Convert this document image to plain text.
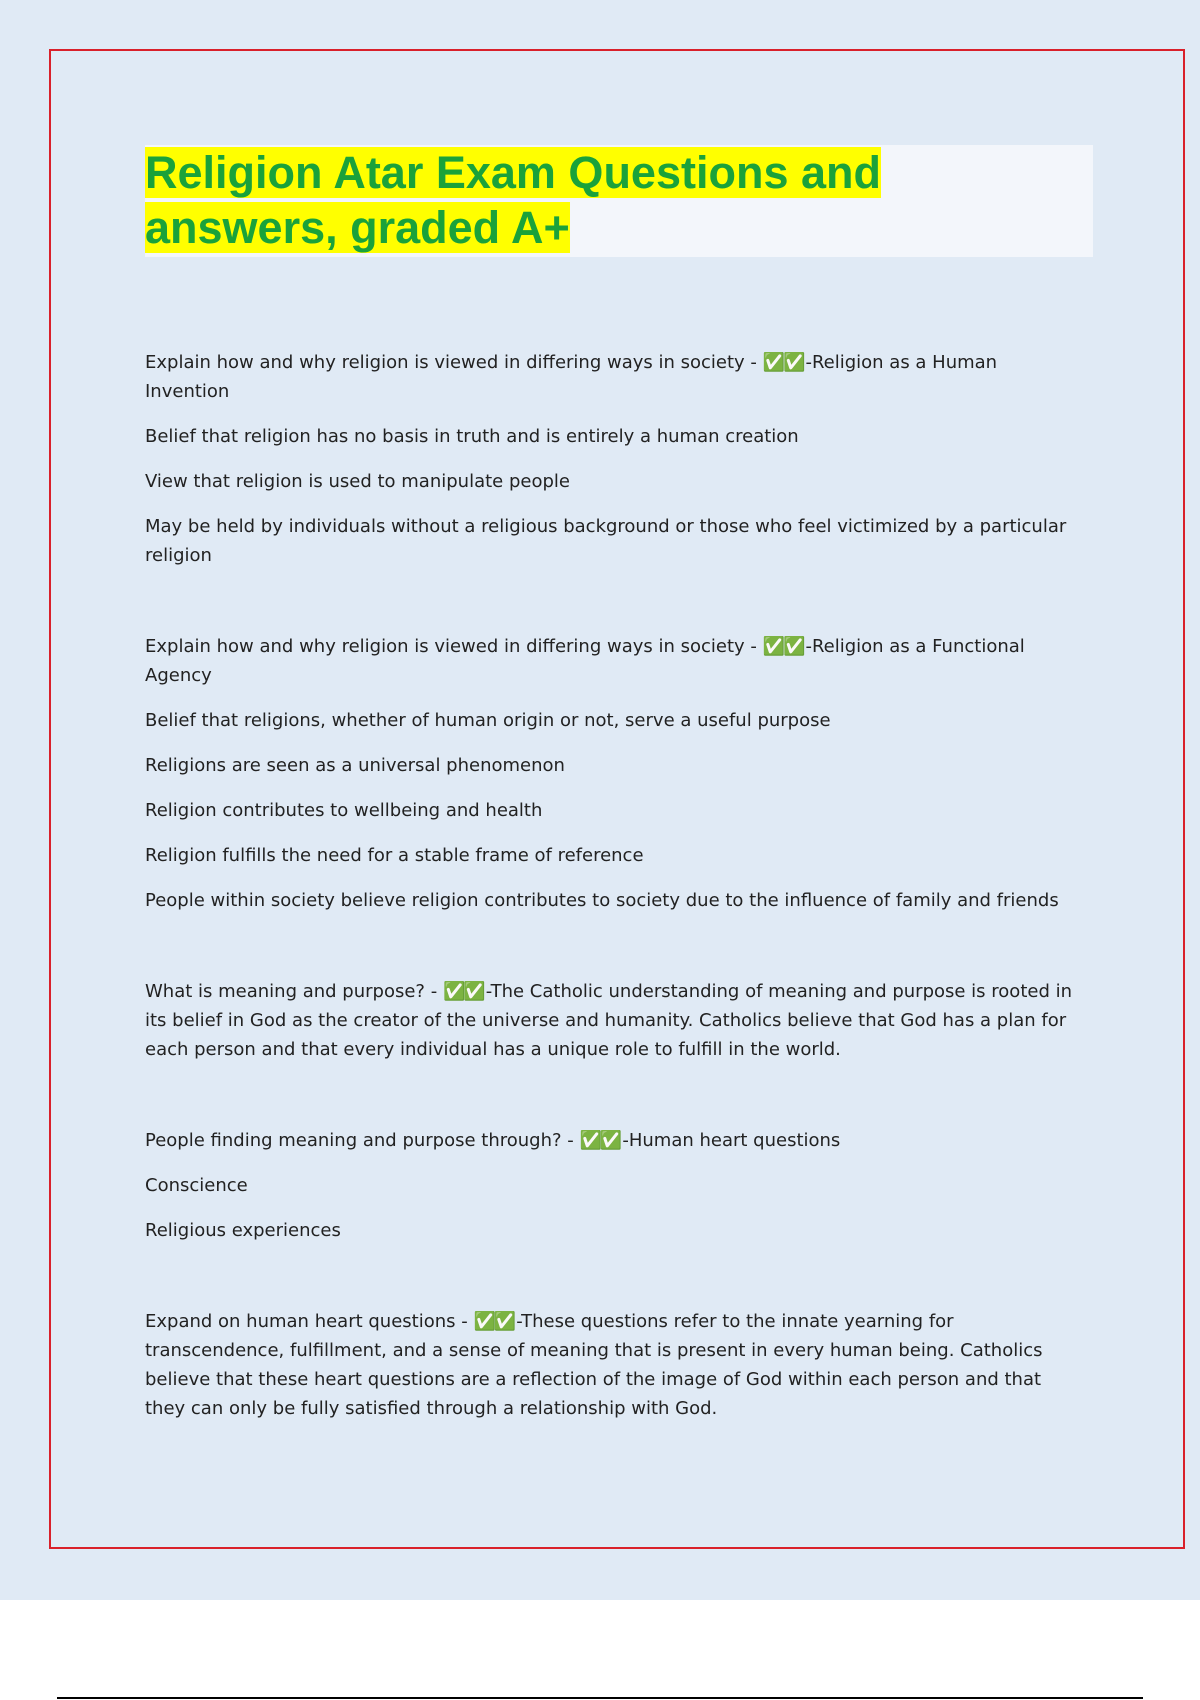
Religion Atar Exam Questions and
answers, graded A+

Explain how and why religion is viewed in differing ways in society - ✅✅ -Religion as a Human Invention

Belief that religion has no basis in truth and is entirely a human creation

View that religion is used to manipulate people

May be held by individuals without a religious background or those who feel victimized by a particular religion

Explain how and why religion is viewed in differing ways in society - ✅✅ -Religion as a Functional Agency

Belief that religions, whether of human origin or not, serve a useful purpose

Religions are seen as a universal phenomenon

Religion contributes to wellbeing and health

Religion fulfills the need for a stable frame of reference

People within society believe religion contributes to society due to the influence of family and friends

What is meaning and purpose? - ✅✅ -The Catholic understanding of meaning and purpose is rooted in its belief in God as the creator of the universe and humanity. Catholics believe that God has a plan for each person and that every individual has a unique role to fulfill in the world.

People finding meaning and purpose through? - ✅✅ -Human heart questions

Conscience

Religious experiences

Expand on human heart questions - ✅✅ -These questions refer to the innate yearning for transcendence, fulfillment, and a sense of meaning that is present in every human being. Catholics believe that these heart questions are a reflection of the image of God within each person and that they can only be fully satisfied through a relationship with God.
